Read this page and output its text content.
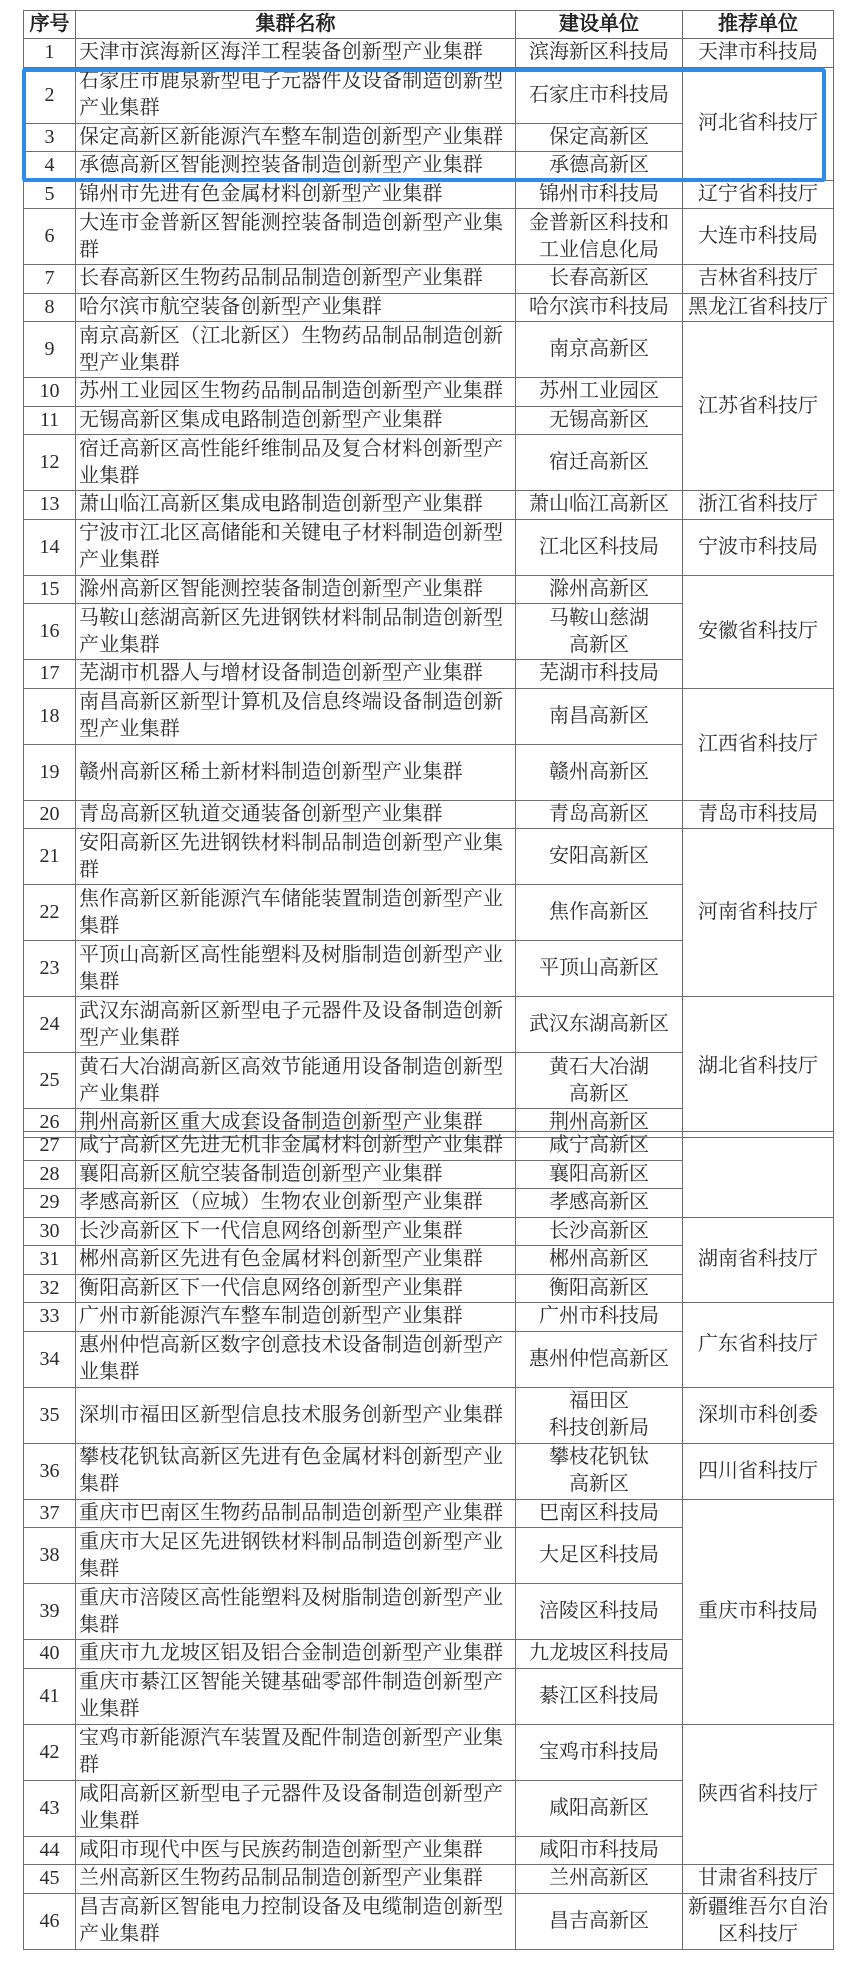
序号	集群名称	建设单位	推荐单位
1	天津市滨海新区海洋工程装备创新型产业集群	滨海新区科技局	天津市科技局
2	石家庄市鹿泉新型电子元器件及设备制造创新型产业集群	石家庄市科技局	河北省科技厅
3	保定高新区新能源汽车整车制造创新型产业集群	保定高新区	
4	承德高新区智能测控装备制造创新型产业集群	承德高新区	
5	锦州市先进有色金属材料创新型产业集群	锦州市科技局	辽宁省科技厅
6	大连市金普新区智能测控装备制造创新型产业集群	金普新区科技和
工业信息化局	大连市科技局
7	长春高新区生物药品制品制造创新型产业集群	长春高新区	吉林省科技厅
8	哈尔滨市航空装备创新型产业集群	哈尔滨市科技局	黑龙江省科技厅
9	南京高新区（江北新区）生物药品制品制造创新型产业集群	南京高新区	江苏省科技厅
10	苏州工业园区生物药品制品制造创新型产业集群	苏州工业园区	
11	无锡高新区集成电路制造创新型产业集群	无锡高新区	
12	宿迁高新区高性能纤维制品及复合材料创新型产业集群	宿迁高新区	
13	萧山临江高新区集成电路制造创新型产业集群	萧山临江高新区	浙江省科技厅
14	宁波市江北区高储能和关键电子材料制造创新型产业集群	江北区科技局	宁波市科技局
15	滁州高新区智能测控装备制造创新型产业集群	滁州高新区	安徽省科技厅
16	马鞍山慈湖高新区先进钢铁材料制品制造创新型产业集群	马鞍山慈湖
高新区	

17	芜湖市机器人与增材设备制造创新型产业集群	芜湖市科技局	
18	南昌高新区新型计算机及信息终端设备制造创新型产业集群	南昌高新区	江西省科技厅
19	赣州高新区稀土新材料制造创新型产业集群	赣州高新区	
20	青岛高新区轨道交通装备创新型产业集群	青岛高新区	青岛市科技局
21	安阳高新区先进钢铁材料制品制造创新型产业集群	安阳高新区	河南省科技厅
22	焦作高新区新能源汽车储能装置制造创新型产业集群	焦作高新区	
23	平顶山高新区高性能塑料及树脂制造创新型产业集群	平顶山高新区	
24	武汉东湖高新区新型电子元器件及设备制造创新型产业集群	武汉东湖高新区	湖北省科技厅
25	黄石大冶湖高新区高效节能通用设备制造创新型产业集群	黄石大冶湖
高新区	

26	荆州高新区重大成套设备制造创新型产业集群	荆州高新区	
27	咸宁高新区先进无机非金属材料创新型产业集群	咸宁高新区	
28	襄阳高新区航空装备制造创新型产业集群	襄阳高新区	
29	孝感高新区（应城）生物农业创新型产业集群	孝感高新区	
30	长沙高新区下一代信息网络创新型产业集群	长沙高新区	湖南省科技厅
31	郴州高新区先进有色金属材料创新型产业集群	郴州高新区	
32	衡阳高新区下一代信息网络创新型产业集群	衡阳高新区	
33	广州市新能源汽车整车制造创新型产业集群	广州市科技局	广东省科技厅
34	惠州仲恺高新区数字创意技术设备制造创新型产业集群	惠州仲恺高新区	
35	深圳市福田区新型信息技术服务创新型产业集群	福田区
科技创新局	深圳市科创委
36	攀枝花钒钛高新区先进有色金属材料创新型产业集群	攀枝花钒钛
高新区	四川省科技厅
37	重庆市巴南区生物药品制品制造创新型产业集群	巴南区科技局	重庆市科技局
38	重庆市大足区先进钢铁材料制品制造创新型产业集群	大足区科技局	
39	重庆市涪陵区高性能塑料及树脂制造创新型产业集群	涪陵区科技局	
40	重庆市九龙坡区铝及铝合金制造创新型产业集群	九龙坡区科技局	
41	重庆市綦江区智能关键基础零部件制造创新型产业集群	綦江区科技局	
42	宝鸡市新能源汽车装置及配件制造创新型产业集群	宝鸡市科技局	陕西省科技厅
43	咸阳高新区新型电子元器件及设备制造创新型产业集群	咸阳高新区	
44	咸阳市现代中医与民族药制造创新型产业集群	咸阳市科技局	
45	兰州高新区生物药品制品制造创新型产业集群	兰州高新区	甘肃省科技厅
46	昌吉高新区智能电力控制设备及电缆制造创新型产业集群	昌吉高新区	新疆维吾尔自治
区科技厅
